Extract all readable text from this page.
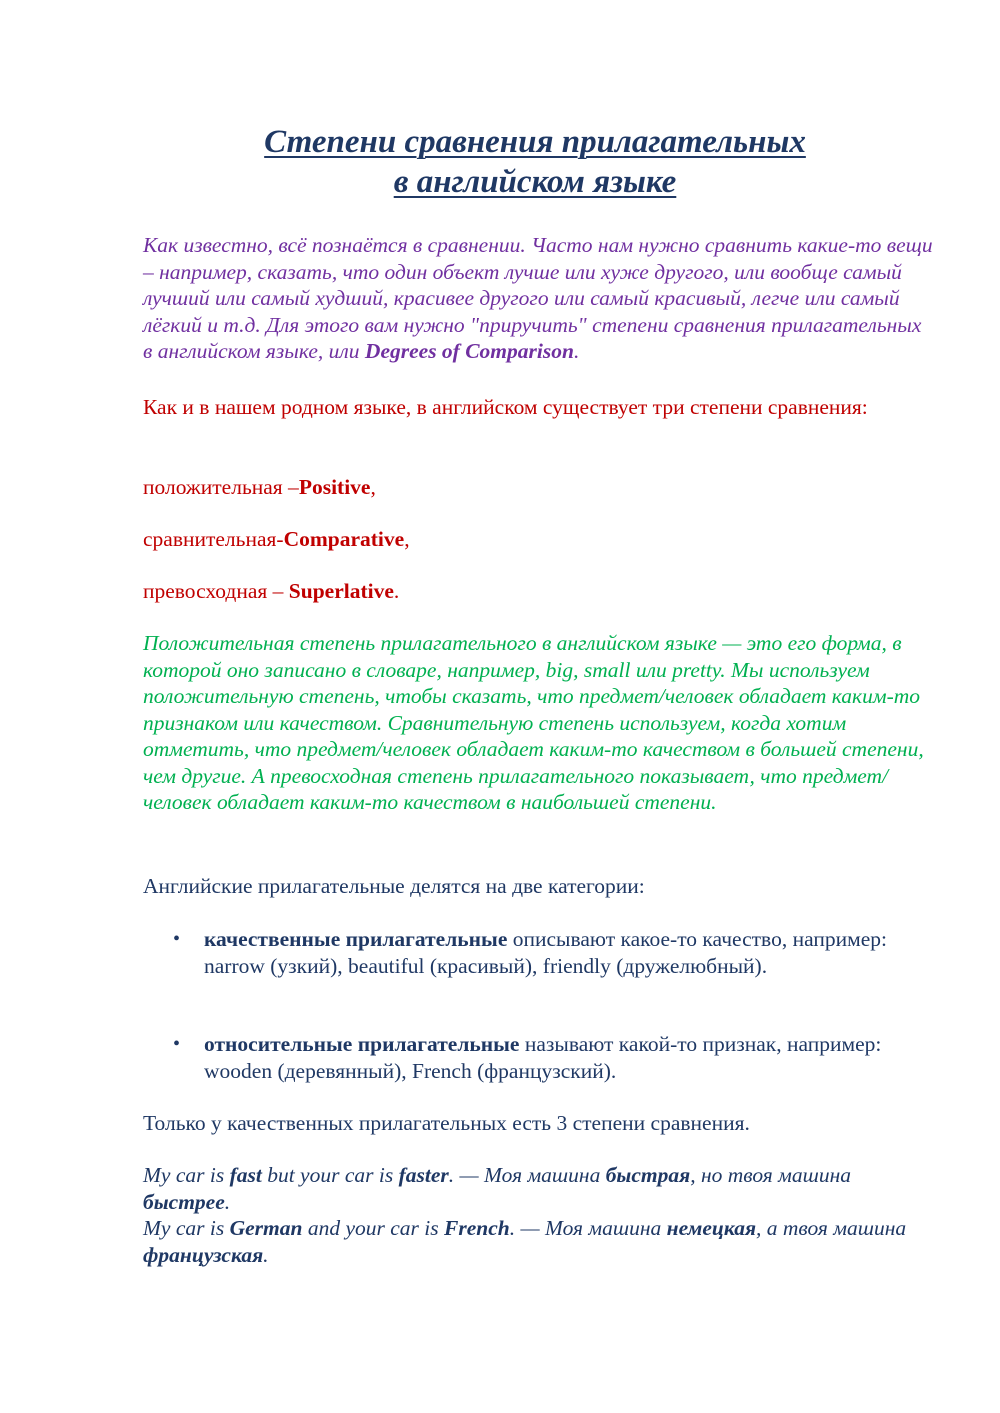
Степени сравнения прилагательных
в английском языке

Как известно, всё познаётся в сравнении. Часто нам нужно сравнить какие-то вещи – например, сказать, что один объект лучше или хуже другого, или вообще самый лучший или самый худший, красивее другого или самый красивый, легче или самый лёгкий и т.д. Для этого вам нужно "приручить" степени сравнения прилагательных в английском языке, или Degrees of Comparison.

Как и в нашем родном языке, в английском существует три степени сравнения:

положительная –Positive,

сравнительная-Comparative,

превосходная – Superlative.

Положительная степень прилагательного в английском языке — это его форма, в которой оно записано в словаре, например, big, small или pretty. Мы используем положительную степень, чтобы сказать, что предмет/человек обладает каким-то признаком или качеством. Сравнительную степень используем, когда хотим отметить, что предмет/человек обладает каким-то качеством в большей степени, чем другие. А превосходная степень прилагательного показывает, что предмет/человек обладает каким-то качеством в наибольшей степени.

Английские прилагательные делятся на две категории:

• качественные прилагательные описывают какое-то качество, например: narrow (узкий), beautiful (красивый), friendly (дружелюбный).
• относительные прилагательные называют какой-то признак, например: wooden (деревянный), French (французский).

Только у качественных прилагательных есть 3 степени сравнения.

My car is fast but your car is faster. — Моя машина быстрая, но твоя машина быстрее.

My car is German and your car is French. — Моя машина немецкая, а твоя машина французская.
